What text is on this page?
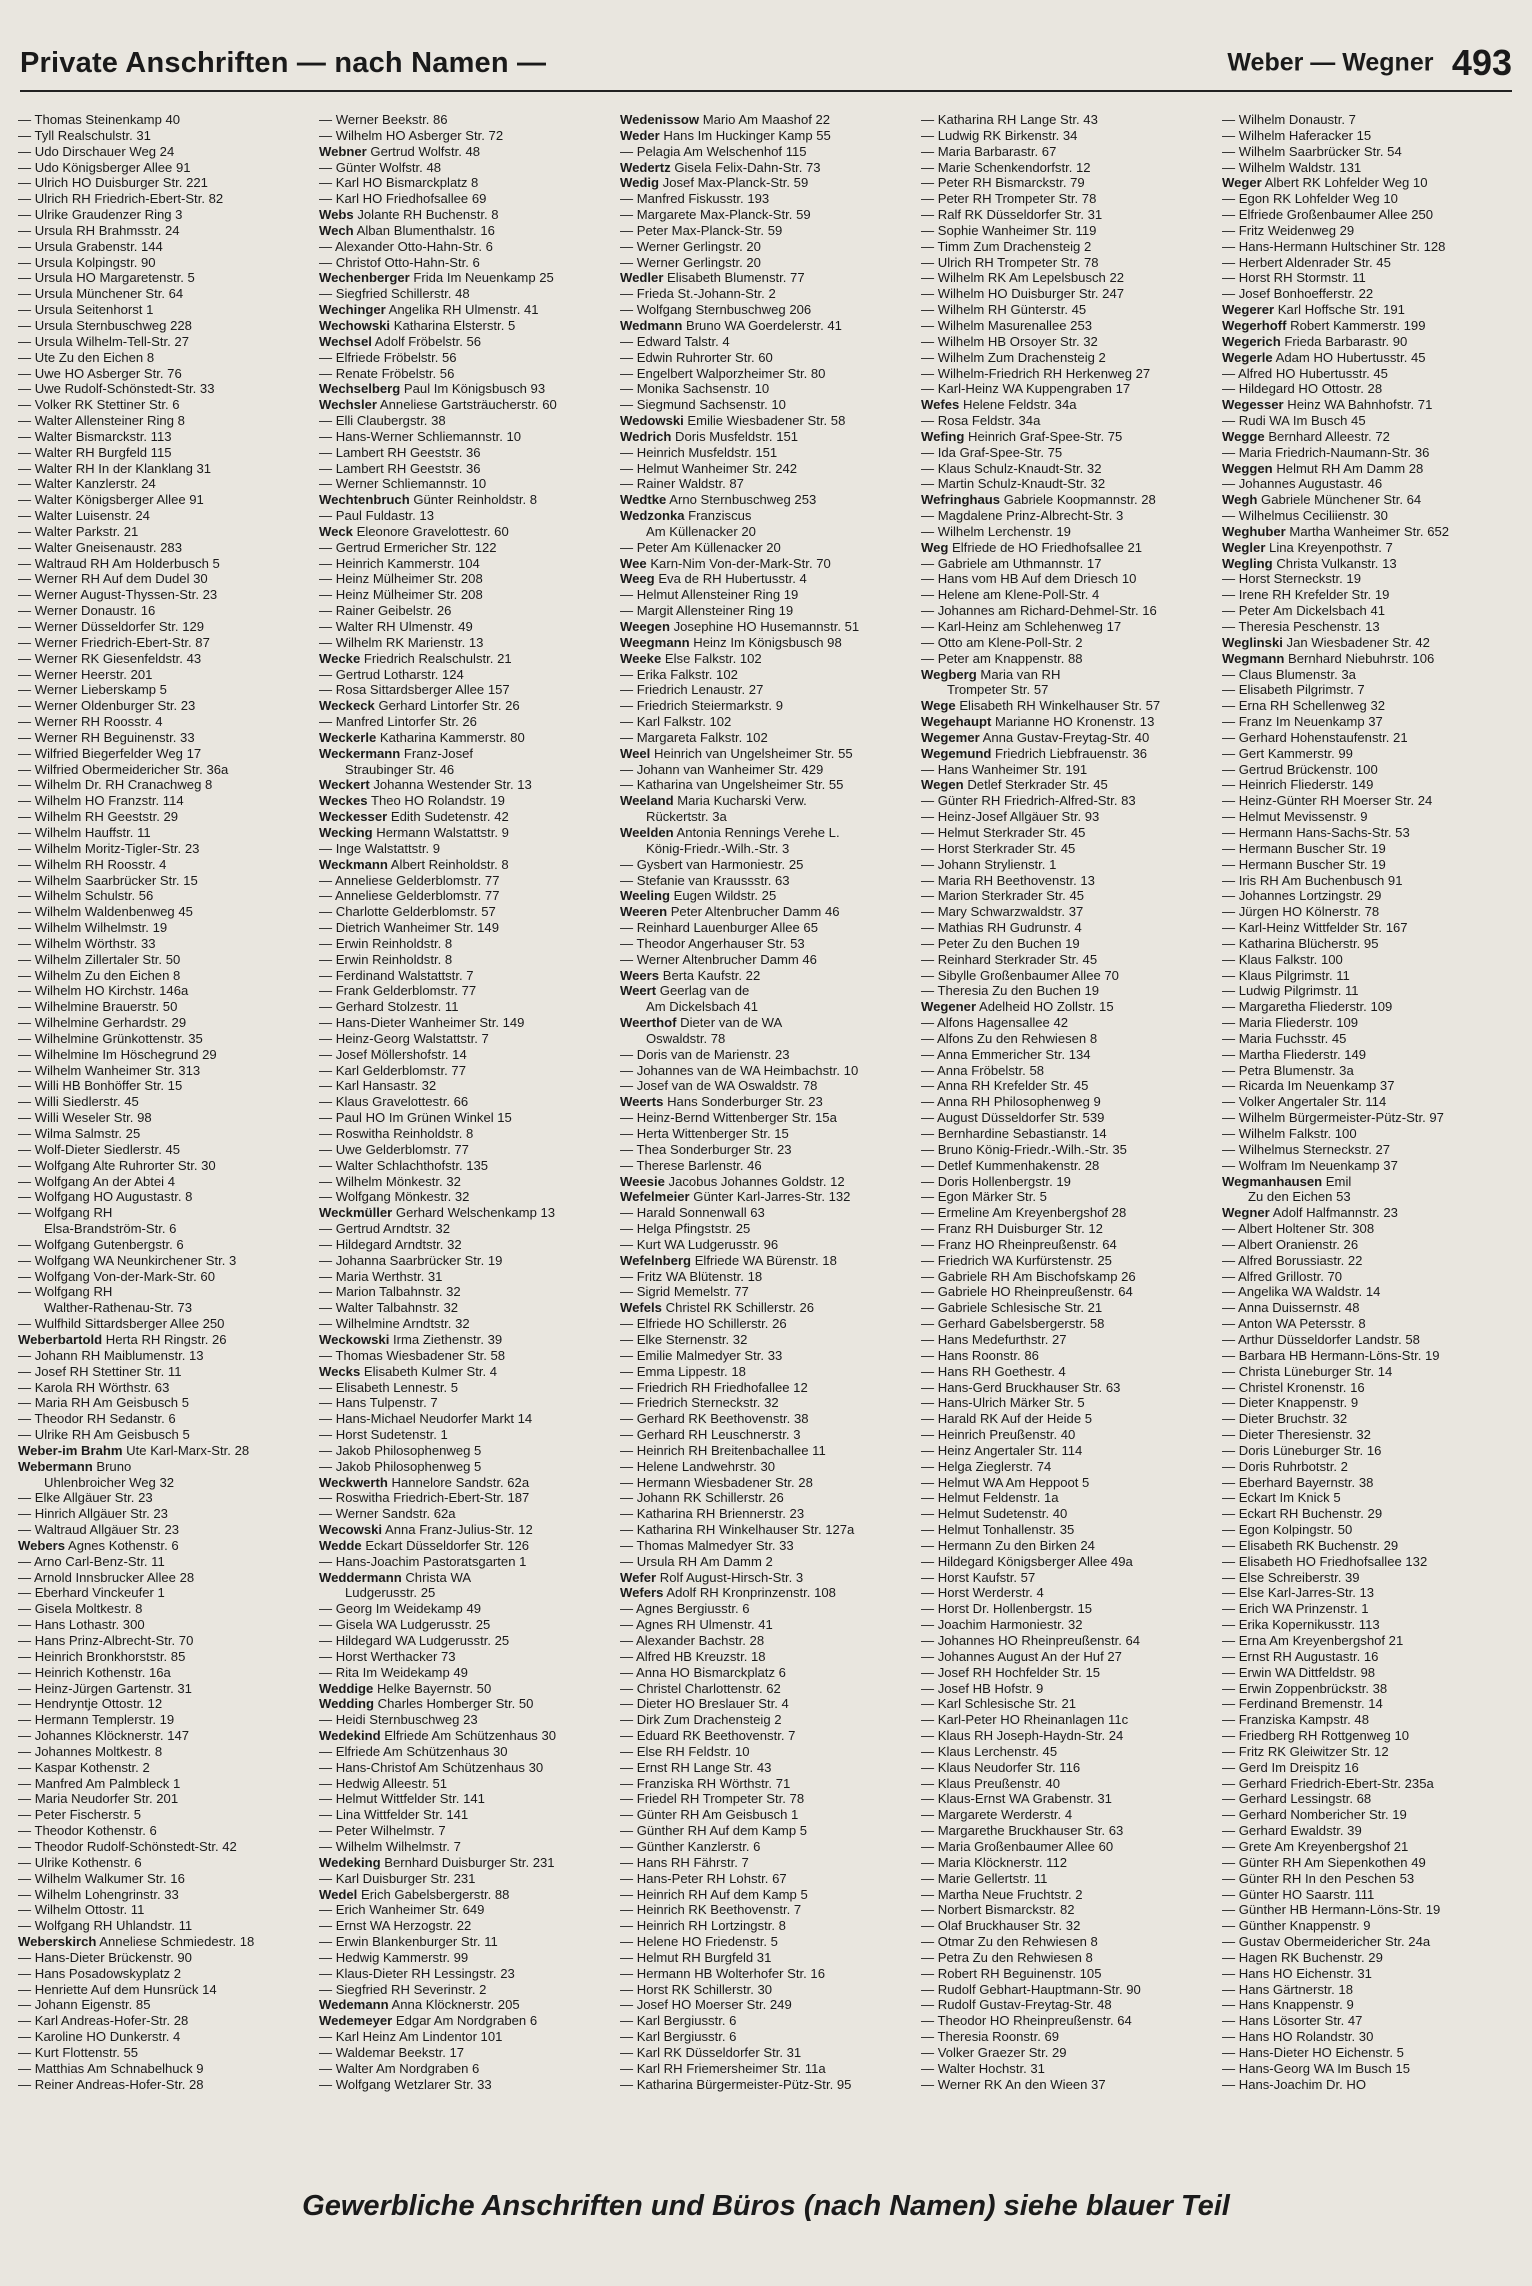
Private Anschriften — nach Namen —	Weber — Wegner 493
— Thomas Steinenkamp 40
— Tyll Realschulstr. 31
— Udo Dirschauer Weg 24
— Udo Königsberger Allee 91
— Ulrich HO Duisburger Str. 221
— Ulrich RH Friedrich-Ebert-Str. 82
— Ulrike Graudenzer Ring 3
— Ursula RH Brahmsstr. 24
— Ursula Grabenstr. 144
— Ursula Kolpingstr. 90
— Ursula HO Margaretenstr. 5
— Ursula Münchener Str. 64
— Ursula Seitenhorst 1
— Ursula Sternbuschweg 228
— Ursula Wilhelm-Tell-Str. 27
— Ute Zu den Eichen 8
— Uwe HO Asberger Str. 76
— Uwe Rudolf-Schönstedt-Str. 33
— Volker RK Stettiner Str. 6
— Walter Allensteiner Ring 8
— Walter Bismarckstr. 113
— Walter RH Burgfeld 115
— Walter RH In der Klanklang 31
— Walter Kanzlerstr. 24
— Walter Königsberger Allee 91
— Walter Luisenstr. 24
— Walter Parkstr. 21
— Walter Gneisenaustr. 283
— Waltraud RH Am Holderbusch 5
— Werner RH Auf dem Dudel 30
— Werner August-Thyssen-Str. 23
— Werner Donaustr. 16
— Werner Düsseldorfer Str. 129
— Werner Friedrich-Ebert-Str. 87
— Werner RK Giesenfeldstr. 43
— Werner Heerstr. 201
— Werner Lieberskamp 5
— Werner Oldenburger Str. 23
— Werner RH Roosstr. 4
— Werner RH Beguinenstr. 33
— Wilfried Biegerfelder Weg 17
— Wilfried Obermeidericher Str. 36a
— Wilhelm Dr. RH Cranachweg 8
— Wilhelm HO Franzstr. 114
— Wilhelm RH Geeststr. 29
— Wilhelm Hauffstr. 11
— Wilhelm Moritz-Tigler-Str. 23
— Wilhelm RH Roosstr. 4
— Wilhelm Saarbrücker Str. 15
— Wilhelm Schulstr. 56
— Wilhelm Waldenbenweg 45
— Wilhelm Wilhelmstr. 19
— Wilhelm Wörthstr. 33
— Wilhelm Zillertaler Str. 50
— Wilhelm Zu den Eichen 8
— Wilhelm HO Kirchstr. 146a
— Wilhelmine Brauerstr. 50
— Wilhelmine Gerhardstr. 29
— Wilhelmine Grünkottenstr. 35
— Wilhelmine Im Höschegrund 29
— Wilhelm Wanheimer Str. 313
— Willi HB Bonhöffer Str. 15
— Willi Siedlerstr. 45
— Willi Weseler Str. 98
— Wilma Salmstr. 25
— Wolf-Dieter Siedlerstr. 45
— Wolfgang Alte Ruhrorter Str. 30
— Wolfgang An der Abtei 4
— Wolfgang HO Augustastr. 8
— Wolfgang RH
Elsa-Brandström-Str. 6
— Wolfgang Gutenbergstr. 6
— Wolfgang WA Neunkirchener Str. 3
— Wolfgang Von-der-Mark-Str. 60
— Wolfgang RH
Walther-Rathenau-Str. 73
— Wulfhild Sittardsberger Allee 250
Weberbartold Herta RH Ringstr. 26
— Johann RH Maiblumenstr. 13
— Josef RH Stettiner Str. 11
— Karola RH Wörthstr. 63
— Maria RH Am Geisbusch 5
— Theodor RH Sedanstr. 6
— Ulrike RH Am Geisbusch 5
Weber-im Brahm Ute Karl-Marx-Str. 28
Webermann Bruno
Uhlenbroicher Weg 32
— Elke Allgäuer Str. 23
— Hinrich Allgäuer Str. 23
— Waltraud Allgäuer Str. 23
Webers Agnes Kothenstr. 6
— Arno Carl-Benz-Str. 11
— Arnold Innsbrucker Allee 28
— Eberhard Vinckeufer 1
— Gisela Moltkestr. 8
— Hans Lothastr. 300
— Hans Prinz-Albrecht-Str. 70
— Heinrich Bronkhorststr. 85
— Heinrich Kothenstr. 16a
— Heinz-Jürgen Gartenstr. 31
— Hendryntje Ottostr. 12
— Hermann Templerstr. 19
— Johannes Klöcknerstr. 147
— Johannes Moltkestr. 8
— Kaspar Kothenstr. 2
— Manfred Am Palmbleck 1
— Maria Neudorfer Str. 201
— Peter Fischerstr. 5
— Theodor Kothenstr. 6
— Theodor Rudolf-Schönstedt-Str. 42
— Ulrike Kothenstr. 6
— Wilhelm Walkumer Str. 16
— Wilhelm Lohengrinstr. 33
— Wilhelm Ottostr. 11
— Wolfgang RH Uhlandstr. 11
Weberskirch Anneliese Schmiedestr. 18
— Hans-Dieter Brückenstr. 90
— Hans Posadowskyplatz 2
— Henriette Auf dem Hunsrück 14
— Johann Eigenstr. 85
— Karl Andreas-Hofer-Str. 28
— Karoline HO Dunkerstr. 4
— Kurt Flottenstr. 55
— Matthias Am Schnabelhuck 9
— Reiner Andreas-Hofer-Str. 28
— Werner Beekstr. 86
— Wilhelm HO Asberger Str. 72
Webner Gertrud Wolfstr. 48
— Günter Wolfstr. 48
— Karl HO Bismarckplatz 8
— Karl HO Friedhofsallee 69
Webs Jolante RH Buchenstr. 8
Wech Alban Blumenthalstr. 16
— Alexander Otto-Hahn-Str. 6
— Christof Otto-Hahn-Str. 6
Wechenberger Frida Im Neuenkamp 25
— Siegfried Schillerstr. 48
Wechinger Angelika RH Ulmenstr. 41
Wechowski Katharina Elsterstr. 5
Wechsel Adolf Fröbelstr. 56
— Elfriede Fröbelstr. 56
— Renate Fröbelstr. 56
Wechselberg Paul Im Königsbusch 93
Wechsler Anneliese Gartsträucherstr. 60
— Elli Claubergstr. 38
— Hans-Werner Schliemannstr. 10
— Lambert RH Geeststr. 36
— Lambert RH Geeststr. 36
— Werner Schliemannstr. 10
Wechtenbruch Günter Reinholdstr. 8
— Paul Fuldastr. 13
Weck Eleonore Gravelottestr. 60
— Gertrud Ermericher Str. 122
— Heinrich Kammerstr. 104
— Heinz Mülheimer Str. 208
— Heinz Mülheimer Str. 208
— Rainer Geibelstr. 26
— Walter RH Ulmenstr. 49
— Wilhelm RK Marienstr. 13
Wecke Friedrich Realschulstr. 21
— Gertrud Lotharstr. 124
— Rosa Sittardsberger Allee 157
Weckeck Gerhard Lintorfer Str. 26
— Manfred Lintorfer Str. 26
Weckerle Katharina Kammerstr. 80
Weckermann Franz-Josef
Straubinger Str. 46
Weckert Johanna Westender Str. 13
Weckes Theo HO Rolandstr. 19
Weckesser Edith Sudetenstr. 42
Wecking Hermann Walstattstr. 9
— Inge Walstattstr. 9
Weckmann Albert Reinholdstr. 8
— Anneliese Gelderblomstr. 77
— Anneliese Gelderblomstr. 77
— Charlotte Gelderblomstr. 57
— Dietrich Wanheimer Str. 149
— Erwin Reinholdstr. 8
— Erwin Reinholdstr. 8
— Ferdinand Walstattstr. 7
— Frank Gelderblomstr. 77
— Gerhard Stolzestr. 11
— Hans-Dieter Wanheimer Str. 149
— Heinz-Georg Walstattstr. 7
— Josef Möllershofstr. 14
— Karl Gelderblomstr. 77
— Karl Hansastr. 32
— Klaus Gravelottestr. 66
— Paul HO Im Grünen Winkel 15
— Roswitha Reinholdstr. 8
— Uwe Gelderblomstr. 77
— Walter Schlachthofstr. 135
— Wilhelm Mönkestr. 32
— Wolfgang Mönkestr. 32
Weckmüller Gerhard Welschenkamp 13
— Gertrud Arndtstr. 32
— Hildegard Arndtstr. 32
— Johanna Saarbrücker Str. 19
— Maria Werthstr. 31
— Marion Talbahnstr. 32
— Walter Talbahnstr. 32
— Wilhelmine Arndtstr. 32
Weckowski Irma Ziethenstr. 39
— Thomas Wiesbadener Str. 58
Wecks Elisabeth Kulmer Str. 4
— Elisabeth Lennestr. 5
— Hans Tulpenstr. 7
— Hans-Michael Neudorfer Markt 14
— Horst Sudetenstr. 1
— Jakob Philosophenweg 5
— Jakob Philosophenweg 5
Weckwerth Hannelore Sandstr. 62a
— Roswitha Friedrich-Ebert-Str. 187
— Werner Sandstr. 62a
Wecowski Anna Franz-Julius-Str. 12
Wedde Eckart Düsseldorfer Str. 126
— Hans-Joachim Pastoratsgarten 1
Weddermann Christa WA
Ludgerusstr. 25
— Georg Im Weidekamp 49
— Gisela WA Ludgerusstr. 25
— Hildegard WA Ludgerusstr. 25
— Horst Werthacker 73
— Rita Im Weidekamp 49
Weddige Helke Bayernstr. 50
Wedding Charles Homberger Str. 50
— Heidi Sternbuschweg 23
Wedekind Elfriede Am Schützenhaus 30
— Elfriede Am Schützenhaus 30
— Hans-Christof Am Schützenhaus 30
— Hedwig Alleestr. 51
— Helmut Wittfelder Str. 141
— Lina Wittfelder Str. 141
— Peter Wilhelmstr. 7
— Wilhelm Wilhelmstr. 7
Wedeking Bernhard Duisburger Str. 231
— Karl Duisburger Str. 231
Wedel Erich Gabelsbergerstr. 88
— Erich Wanheimer Str. 649
— Ernst WA Herzogstr. 22
— Erwin Blankenburger Str. 11
— Hedwig Kammerstr. 99
— Klaus-Dieter RH Lessingstr. 23
— Siegfried RH Severinstr. 2
Wedemann Anna Klöcknerstr. 205
Wedemeyer Edgar Am Nordgraben 6
— Karl Heinz Am Lindentor 101
— Waldemar Beekstr. 17
— Walter Am Nordgraben 6
— Wolfgang Wetzlarer Str. 33
Wedenissow Mario Am Maashof 22
Weder Hans Im Huckinger Kamp 55
— Pelagia Am Welschenhof 115
Wedertz Gisela Felix-Dahn-Str. 73
Wedig Josef Max-Planck-Str. 59
— Manfred Fiskusstr. 193
— Margarete Max-Planck-Str. 59
— Peter Max-Planck-Str. 59
— Werner Gerlingstr. 20
— Werner Gerlingstr. 20
Wedler Elisabeth Blumenstr. 77
— Frieda St.-Johann-Str. 2
— Wolfgang Sternbuschweg 206
Wedmann Bruno WA Goerdelerstr. 41
— Edward Talstr. 4
— Edwin Ruhrorter Str. 60
— Engelbert Walporzheimer Str. 80
— Monika Sachsenstr. 10
— Siegmund Sachsenstr. 10
Wedowski Emilie Wiesbadener Str. 58
Wedrich Doris Musfeldstr. 151
— Heinrich Musfeldstr. 151
— Helmut Wanheimer Str. 242
— Rainer Waldstr. 87
Wedtke Arno Sternbuschweg 253
Wedzonka Franziscus
Am Küllenacker 20
— Peter Am Küllenacker 20
Wee Karn-Nim Von-der-Mark-Str. 70
Weeg Eva de RH Hubertusstr. 4
— Helmut Allensteiner Ring 19
— Margit Allensteiner Ring 19
Weegen Josephine HO Husemannstr. 51
Weegmann Heinz Im Königsbusch 98
Weeke Else Falkstr. 102
— Erika Falkstr. 102
— Friedrich Lenaustr. 27
— Friedrich Steiermarkstr. 9
— Karl Falkstr. 102
— Margareta Falkstr. 102
Weel Heinrich van Ungelsheimer Str. 55
— Johann van Wanheimer Str. 429
— Katharina van Ungelsheimer Str. 55
Weeland Maria Kucharski Verw.
Rückertstr. 3a
Weelden Antonia Rennings Verehe L.
König-Friedr.-Wilh.-Str. 3
— Gysbert van Harmoniestr. 25
— Stefanie van Kraussstr. 63
Weeling Eugen Wildstr. 25
Weeren Peter Altenbrucher Damm 46
— Reinhard Lauenburger Allee 65
— Theodor Angerhauser Str. 53
— Werner Altenbrucher Damm 46
Weers Berta Kaufstr. 22
Weert Geerlag van de
Am Dickelsbach 41
Weerthof Dieter van de WA
Oswaldstr. 78
— Doris van de Marienstr. 23
— Johannes van de WA Heimbachstr. 10
— Josef van de WA Oswaldstr. 78
Weerts Hans Sonderburger Str. 23
— Heinz-Bernd Wittenberger Str. 15a
— Herta Wittenberger Str. 15
— Thea Sonderburger Str. 23
— Therese Barlenstr. 46
Weesie Jacobus Johannes Goldstr. 12
Wefelmeier Günter Karl-Jarres-Str. 132
— Harald Sonnenwall 63
— Helga Pfingststr. 25
— Kurt WA Ludgerusstr. 96
Wefelnberg Elfriede WA Bürenstr. 18
— Fritz WA Blütenstr. 18
— Sigrid Memelstr. 77
Wefels Christel RK Schillerstr. 26
— Elfriede HO Schillerstr. 26
— Elke Sternenstr. 32
— Emilie Malmedyer Str. 33
— Emma Lippestr. 18
— Friedrich RH Friedhofallee 12
— Friedrich Sterneckstr. 32
— Gerhard RK Beethovenstr. 38
— Gerhard RH Leuschnerstr. 3
— Heinrich RH Breitenbachallee 11
— Helene Landwehrstr. 30
— Hermann Wiesbadener Str. 28
— Johann RK Schillerstr. 26
— Katharina RH Briennerstr. 23
— Katharina RH Winkelhauser Str. 127a
— Thomas Malmedyer Str. 33
— Ursula RH Am Damm 2
Wefer Rolf August-Hirsch-Str. 3
Wefers Adolf RH Kronprinzenstr. 108
— Agnes Bergiusstr. 6
— Agnes RH Ulmenstr. 41
— Alexander Bachstr. 28
— Alfred HB Kreuzstr. 18
— Anna HO Bismarckplatz 6
— Christel Charlottenstr. 62
— Dieter HO Breslauer Str. 4
— Dirk Zum Drachensteig 2
— Eduard RK Beethovenstr. 7
— Else RH Feldstr. 10
— Ernst RH Lange Str. 43
— Franziska RH Wörthstr. 71
— Friedel RH Trompeter Str. 78
— Günter RH Am Geisbusch 1
— Günther RH Auf dem Kamp 5
— Günther Kanzlerstr. 6
— Hans RH Fährstr. 7
— Hans-Peter RH Lohstr. 67
— Heinrich RH Auf dem Kamp 5
— Heinrich RK Beethovenstr. 7
— Heinrich RH Lortzingstr. 8
— Helene HO Friedenstr. 5
— Helmut RH Burgfeld 31
— Hermann HB Wolterhofer Str. 16
— Horst RK Schillerstr. 30
— Josef HO Moerser Str. 249
— Karl Bergiusstr. 6
— Karl Bergiusstr. 6
— Karl RK Düsseldorfer Str. 31
— Karl RH Friemersheimer Str. 11a
— Katharina Bürgermeister-Pütz-Str. 95
— Katharina RH Lange Str. 43
— Ludwig RK Birkenstr. 34
— Maria Barbarastr. 67
— Marie Schenkendorfstr. 12
— Peter RH Bismarckstr. 79
— Peter RH Trompeter Str. 78
— Ralf RK Düsseldorfer Str. 31
— Sophie Wanheimer Str. 119
— Timm Zum Drachensteig 2
— Ulrich RH Trompeter Str. 78
— Wilhelm RK Am Lepelsbusch 22
— Wilhelm HO Duisburger Str. 247
— Wilhelm RH Günterstr. 45
— Wilhelm Masurenallee 253
— Wilhelm HB Orsoyer Str. 32
— Wilhelm Zum Drachensteig 2
— Wilhelm-Friedrich RH Herkenweg 27
— Karl-Heinz WA Kuppengraben 17
Wefes Helene Feldstr. 34a
— Rosa Feldstr. 34a
Wefing Heinrich Graf-Spee-Str. 75
— Ida Graf-Spee-Str. 75
— Klaus Schulz-Knaudt-Str. 32
— Martin Schulz-Knaudt-Str. 32
Wefringhaus Gabriele Koopmannstr. 28
— Magdalene Prinz-Albrecht-Str. 3
— Wilhelm Lerchenstr. 19
Weg Elfriede de HO Friedhofsallee 21
— Gabriele am Uthmannstr. 17
— Hans vom HB Auf dem Driesch 10
— Helene am Klene-Poll-Str. 4
— Johannes am Richard-Dehmel-Str. 16
— Karl-Heinz am Schlehenweg 17
— Otto am Klene-Poll-Str. 2
— Peter am Knappenstr. 88
Wegberg Maria van RH
Trompeter Str. 57
Wege Elisabeth RH Winkelhauser Str. 57
Wegehaupt Marianne HO Kronenstr. 13
Wegemer Anna Gustav-Freytag-Str. 40
Wegemund Friedrich Liebfrauenstr. 36
— Hans Wanheimer Str. 191
Wegen Detlef Sterkrader Str. 45
— Günter RH Friedrich-Alfred-Str. 83
— Heinz-Josef Allgäuer Str. 93
— Helmut Sterkrader Str. 45
— Horst Sterkrader Str. 45
— Johann Strylienstr. 1
— Maria RH Beethovenstr. 13
— Marion Sterkrader Str. 45
— Mary Schwarzwaldstr. 37
— Mathias RH Gudrunstr. 4
— Peter Zu den Buchen 19
— Reinhard Sterkrader Str. 45
— Sibylle Großenbaumer Allee 70
— Theresia Zu den Buchen 19
Wegener Adelheid HO Zollstr. 15
— Alfons Hagensallee 42
— Alfons Zu den Rehwiesen 8
— Anna Emmericher Str. 134
— Anna Fröbelstr. 58
— Anna RH Krefelder Str. 45
— Anna RH Philosophenweg 9
— August Düsseldorfer Str. 539
— Bernhardine Sebastianstr. 14
— Bruno König-Friedr.-Wilh.-Str. 35
— Detlef Kummenhakenstr. 28
— Doris Hollenbergstr. 19
— Egon Märker Str. 5
— Ermeline Am Kreyenbergshof 28
— Franz RH Duisburger Str. 12
— Franz HO Rheinpreußenstr. 64
— Friedrich WA Kurfürstenstr. 25
— Gabriele RH Am Bischofskamp 26
— Gabriele HO Rheinpreußenstr. 64
— Gabriele Schlesische Str. 21
— Gerhard Gabelsbergerstr. 58
— Hans Medefurthstr. 27
— Hans Roonstr. 86
— Hans RH Goethestr. 4
— Hans-Gerd Bruckhauser Str. 63
— Hans-Ulrich Märker Str. 5
— Harald RK Auf der Heide 5
— Heinrich Preußenstr. 40
— Heinz Angertaler Str. 114
— Helga Zieglerstr. 74
— Helmut WA Am Heppoot 5
— Helmut Feldenstr. 1a
— Helmut Sudetenstr. 40
— Helmut Tonhallenstr. 35
— Hermann Zu den Birken 24
— Hildegard Königsberger Allee 49a
— Horst Kaufstr. 57
— Horst Werderstr. 4
— Horst Dr. Hollenbergstr. 15
— Joachim Harmoniestr. 32
— Johannes HO Rheinpreußenstr. 64
— Johannes August An der Huf 27
— Josef RH Hochfelder Str. 15
— Josef HB Hofstr. 9
— Karl Schlesische Str. 21
— Karl-Peter HO Rheinanlagen 11c
— Klaus RH Joseph-Haydn-Str. 24
— Klaus Lerchenstr. 45
— Klaus Neudorfer Str. 116
— Klaus Preußenstr. 40
— Klaus-Ernst WA Grabenstr. 31
— Margarete Werderstr. 4
— Margarethe Bruckhauser Str. 63
— Maria Großenbaumer Allee 60
— Maria Klöcknerstr. 112
— Marie Gellertstr. 11
— Martha Neue Fruchtstr. 2
— Norbert Bismarckstr. 82
— Olaf Bruckhauser Str. 32
— Otmar Zu den Rehwiesen 8
— Petra Zu den Rehwiesen 8
— Robert RH Beguinenstr. 105
— Rudolf Gebhart-Hauptmann-Str. 90
— Rudolf Gustav-Freytag-Str. 48
— Theodor HO Rheinpreußenstr. 64
— Theresia Roonstr. 69
— Volker Graezer Str. 29
— Walter Hochstr. 31
— Werner RK An den Wieen 37
— Wilhelm Donaustr. 7
— Wilhelm Haferacker 15
— Wilhelm Saarbrücker Str. 54
— Wilhelm Waldstr. 131
Weger Albert RK Lohfelder Weg 10
— Egon RK Lohfelder Weg 10
— Elfriede Großenbaumer Allee 250
— Fritz Weidenweg 29
— Hans-Hermann Hultschiner Str. 128
— Herbert Aldenrader Str. 45
— Horst RH Stormstr. 11
— Josef Bonhoefferstr. 22
Wegerer Karl Hoffsche Str. 191
Wegerhoff Robert Kammerstr. 199
Wegerich Frieda Barbarastr. 90
Wegerle Adam HO Hubertusstr. 45
— Alfred HO Hubertusstr. 45
— Hildegard HO Ottostr. 28
Wegesser Heinz WA Bahnhofstr. 71
— Rudi WA Im Busch 45
Wegge Bernhard Alleestr. 72
— Maria Friedrich-Naumann-Str. 36
Weggen Helmut RH Am Damm 28
— Johannes Augustastr. 46
Wegh Gabriele Münchener Str. 64
— Wilhelmus Ceciliienstr. 30
Weghuber Martha Wanheimer Str. 652
Wegler Lina Kreyenpothstr. 7
Wegling Christa Vulkanstr. 13
— Horst Sterneckstr. 19
— Irene RH Krefelder Str. 19
— Peter Am Dickelsbach 41
— Theresia Peschenstr. 13
Weglinski Jan Wiesbadener Str. 42
Wegmann Bernhard Niebuhrstr. 106
— Claus Blumenstr. 3a
— Elisabeth Pilgrimstr. 7
— Erna RH Schellenweg 32
— Franz Im Neuenkamp 37
— Gerhard Hohenstaufenstr. 21
— Gert Kammerstr. 99
— Gertrud Brückenstr. 100
— Heinrich Fliederstr. 149
— Heinz-Günter RH Moerser Str. 24
— Helmut Mevissenstr. 9
— Hermann Hans-Sachs-Str. 53
— Hermann Buscher Str. 19
— Hermann Buscher Str. 19
— Iris RH Am Buchenbusch 91
— Johannes Lortzingstr. 29
— Jürgen HO Kölnerstr. 78
— Karl-Heinz Wittfelder Str. 167
— Katharina Blücherstr. 95
— Klaus Falkstr. 100
— Klaus Pilgrimstr. 11
— Ludwig Pilgrimstr. 11
— Margaretha Fliederstr. 109
— Maria Fliederstr. 109
— Maria Fuchsstr. 45
— Martha Fliederstr. 149
— Petra Blumenstr. 3a
— Ricarda Im Neuenkamp 37
— Volker Angertaler Str. 114
— Wilhelm Bürgermeister-Pütz-Str. 97
— Wilhelm Falkstr. 100
— Wilhelmus Sterneckstr. 27
— Wolfram Im Neuenkamp 37
Wegmanhausen Emil
Zu den Eichen 53
Wegner Adolf Halfmannstr. 23
— Albert Holtener Str. 308
— Albert Oranienstr. 26
— Alfred Borussiastr. 22
— Alfred Grillostr. 70
— Angelika WA Waldstr. 14
— Anna Duissernstr. 48
— Anton WA Petersstr. 8
— Arthur Düsseldorfer Landstr. 58
— Barbara HB Hermann-Löns-Str. 19
— Christa Lüneburger Str. 14
— Christel Kronenstr. 16
— Dieter Knappenstr. 9
— Dieter Bruchstr. 32
— Dieter Theresienstr. 32
— Doris Lüneburger Str. 16
— Doris Ruhrbotstr. 2
— Eberhard Bayernstr. 38
— Eckart Im Knick 5
— Eckart RH Buchenstr. 29
— Egon Kolpingstr. 50
— Elisabeth RK Buchenstr. 29
— Elisabeth HO Friedhofsallee 132
— Else Schreiberstr. 39
— Else Karl-Jarres-Str. 13
— Erich WA Prinzenstr. 1
— Erika Kopernikusstr. 113
— Erna Am Kreyenbergshof 21
— Ernst RH Augustastr. 16
— Erwin WA Dittfeldstr. 98
— Erwin Zoppenbrückstr. 38
— Ferdinand Bremenstr. 14
— Franziska Kampstr. 48
— Friedberg RH Rottgenweg 10
— Fritz RK Gleiwitzer Str. 12
— Gerd Im Dreispitz 16
— Gerhard Friedrich-Ebert-Str. 235a
— Gerhard Lessingstr. 68
— Gerhard Nombericher Str. 19
— Gerhard Ewaldstr. 39
— Grete Am Kreyenbergshof 21
— Günter RH Am Siepenkothen 49
— Günter RH In den Peschen 53
— Günter HO Saarstr. 111
— Günther HB Hermann-Löns-Str. 19
— Günther Knappenstr. 9
— Gustav Obermeidericher Str. 24a
— Hagen RK Buchenstr. 29
— Hans HO Eichenstr. 31
— Hans Gärtnerstr. 18
— Hans Knappenstr. 9
— Hans Lösorter Str. 47
— Hans HO Rolandstr. 30
— Hans-Dieter HO Eichenstr. 5
— Hans-Georg WA Im Busch 15
— Hans-Joachim Dr. HO
Gewerbliche Anschriften und Büros (nach Namen) siehe blauer Teil
